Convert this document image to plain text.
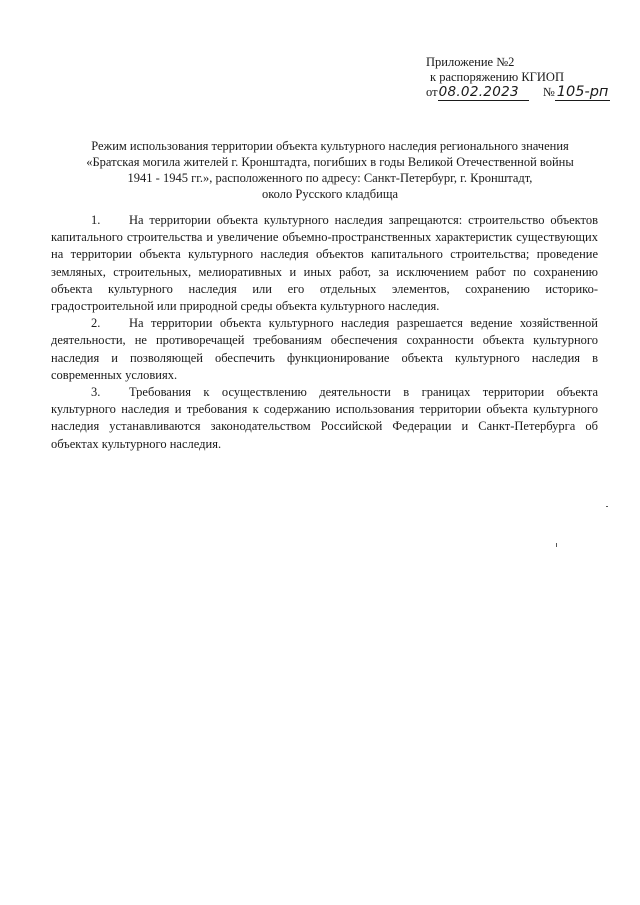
Приложение №2
к распоряжению КГИОП
от08.02.2023 № 105-рп
Режим использования территории объекта культурного наследия регионального значения
«Братская могила жителей г. Кронштадта, погибших в годы Великой Отечественной войны
1941 - 1945 гг.», расположенного по адресу: Санкт-Петербург, г. Кронштадт,
около Русского кладбища

1. На территории объекта культурного наследия запрещаются: строительство объектов капитального строительства и увеличение объемно-пространственных характеристик существующих на территории объекта культурного наследия объектов капитального строительства; проведение земляных, строительных, мелиоративных и иных работ, за исключением работ по сохранению объекта культурного наследия или его отдельных элементов, сохранению историко-градостроительной или природной среды объекта культурного наследия.

2. На территории объекта культурного наследия разрешается ведение хозяйственной деятельности, не противоречащей требованиям обеспечения сохранности объекта культурного наследия и позволяющей обеспечить функционирование объекта культурного наследия в современных условиях.

3. Требования к осуществлению деятельности в границах территории объекта культурного наследия и требования к содержанию использования территории объекта культурного наследия устанавливаются законодательством Российской Федерации и Санкт-Петербурга об объектах культурного наследия.
